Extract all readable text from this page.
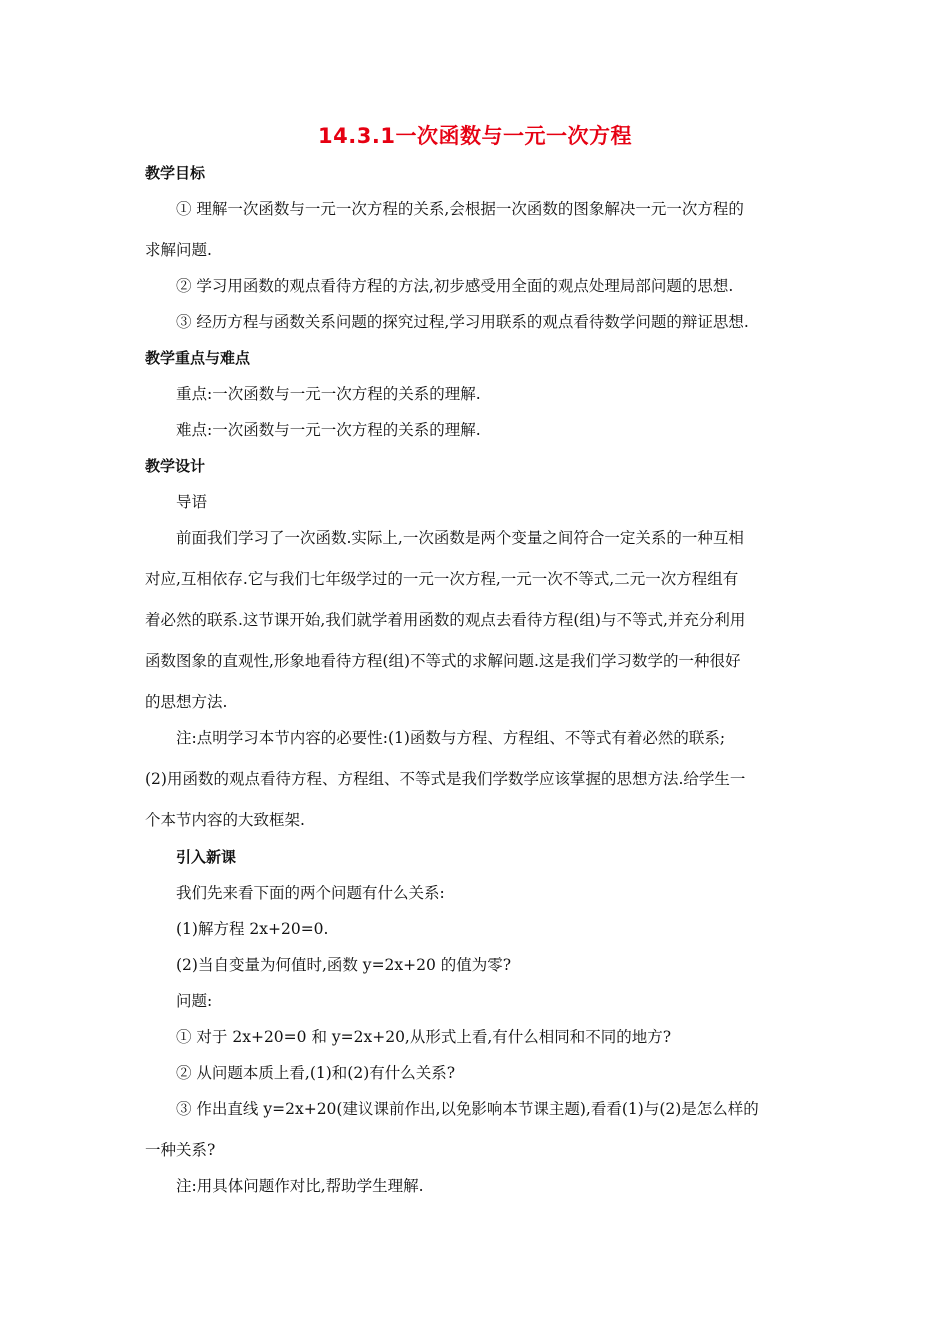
14.3.1一次函数与一元一次方程
教学目标
① 理解一次函数与一元一次方程的关系,会根据一次函数的图象解决一元一次方程的
求解问题.
② 学习用函数的观点看待方程的方法,初步感受用全面的观点处理局部问题的思想.
③ 经历方程与函数关系问题的探究过程,学习用联系的观点看待数学问题的辩证思想.
教学重点与难点
重点:一次函数与一元一次方程的关系的理解.
难点:一次函数与一元一次方程的关系的理解.
教学设计
导语
前面我们学习了一次函数.实际上,一次函数是两个变量之间符合一定关系的一种互相
对应,互相依存.它与我们七年级学过的一元一次方程,一元一次不等式,二元一次方程组有
着必然的联系.这节课开始,我们就学着用函数的观点去看待方程(组)与不等式,并充分利用
函数图象的直观性,形象地看待方程(组)不等式的求解问题.这是我们学习数学的一种很好
的思想方法.
注:点明学习本节内容的必要性:(1)函数与方程、方程组、不等式有着必然的联系;
(2)用函数的观点看待方程、方程组、不等式是我们学数学应该掌握的思想方法.给学生一
个本节内容的大致框架.
引入新课
我们先来看下面的两个问题有什么关系:
(1)解方程 2x+20=0.
(2)当自变量为何值时,函数 y=2x+20 的值为零?
问题:
① 对于 2x+20=0 和 y=2x+20,从形式上看,有什么相同和不同的地方?
② 从问题本质上看,(1)和(2)有什么关系?
③ 作出直线 y=2x+20(建议课前作出,以免影响本节课主题),看看(1)与(2)是怎么样的
一种关系?
注:用具体问题作对比,帮助学生理解.
